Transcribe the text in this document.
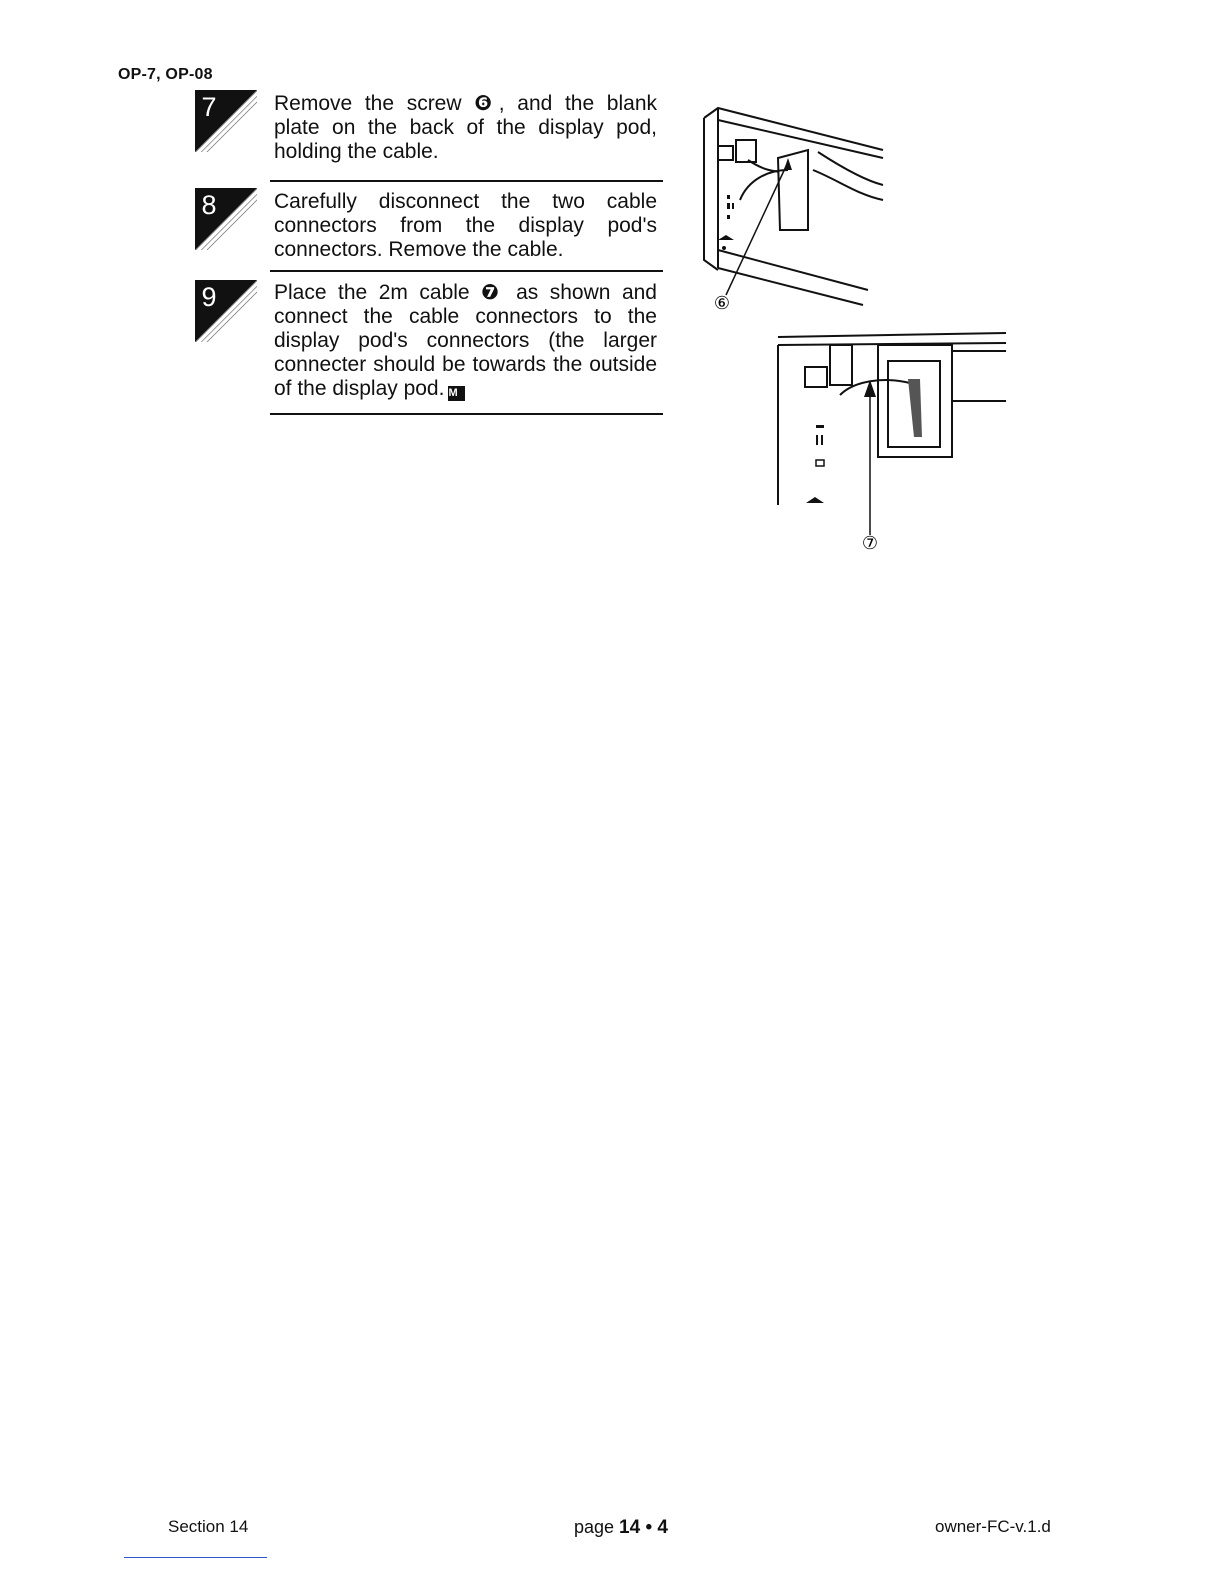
OP-7, OP-08
7	Remove the screw ❻, and the blank plate on the back of the display pod, holding the cable.
8	Carefully disconnect the two cable connectors from the display pod's connectors. Remove the cable.
9	Place the 2m cable ❼ as shown and connect the cable connectors to the display pod's connectors (the larger connecter should be towards the outside of the display pod. M
⑥
⑦
Section 14	page 14 • 4	owner-FC-v.1.d
